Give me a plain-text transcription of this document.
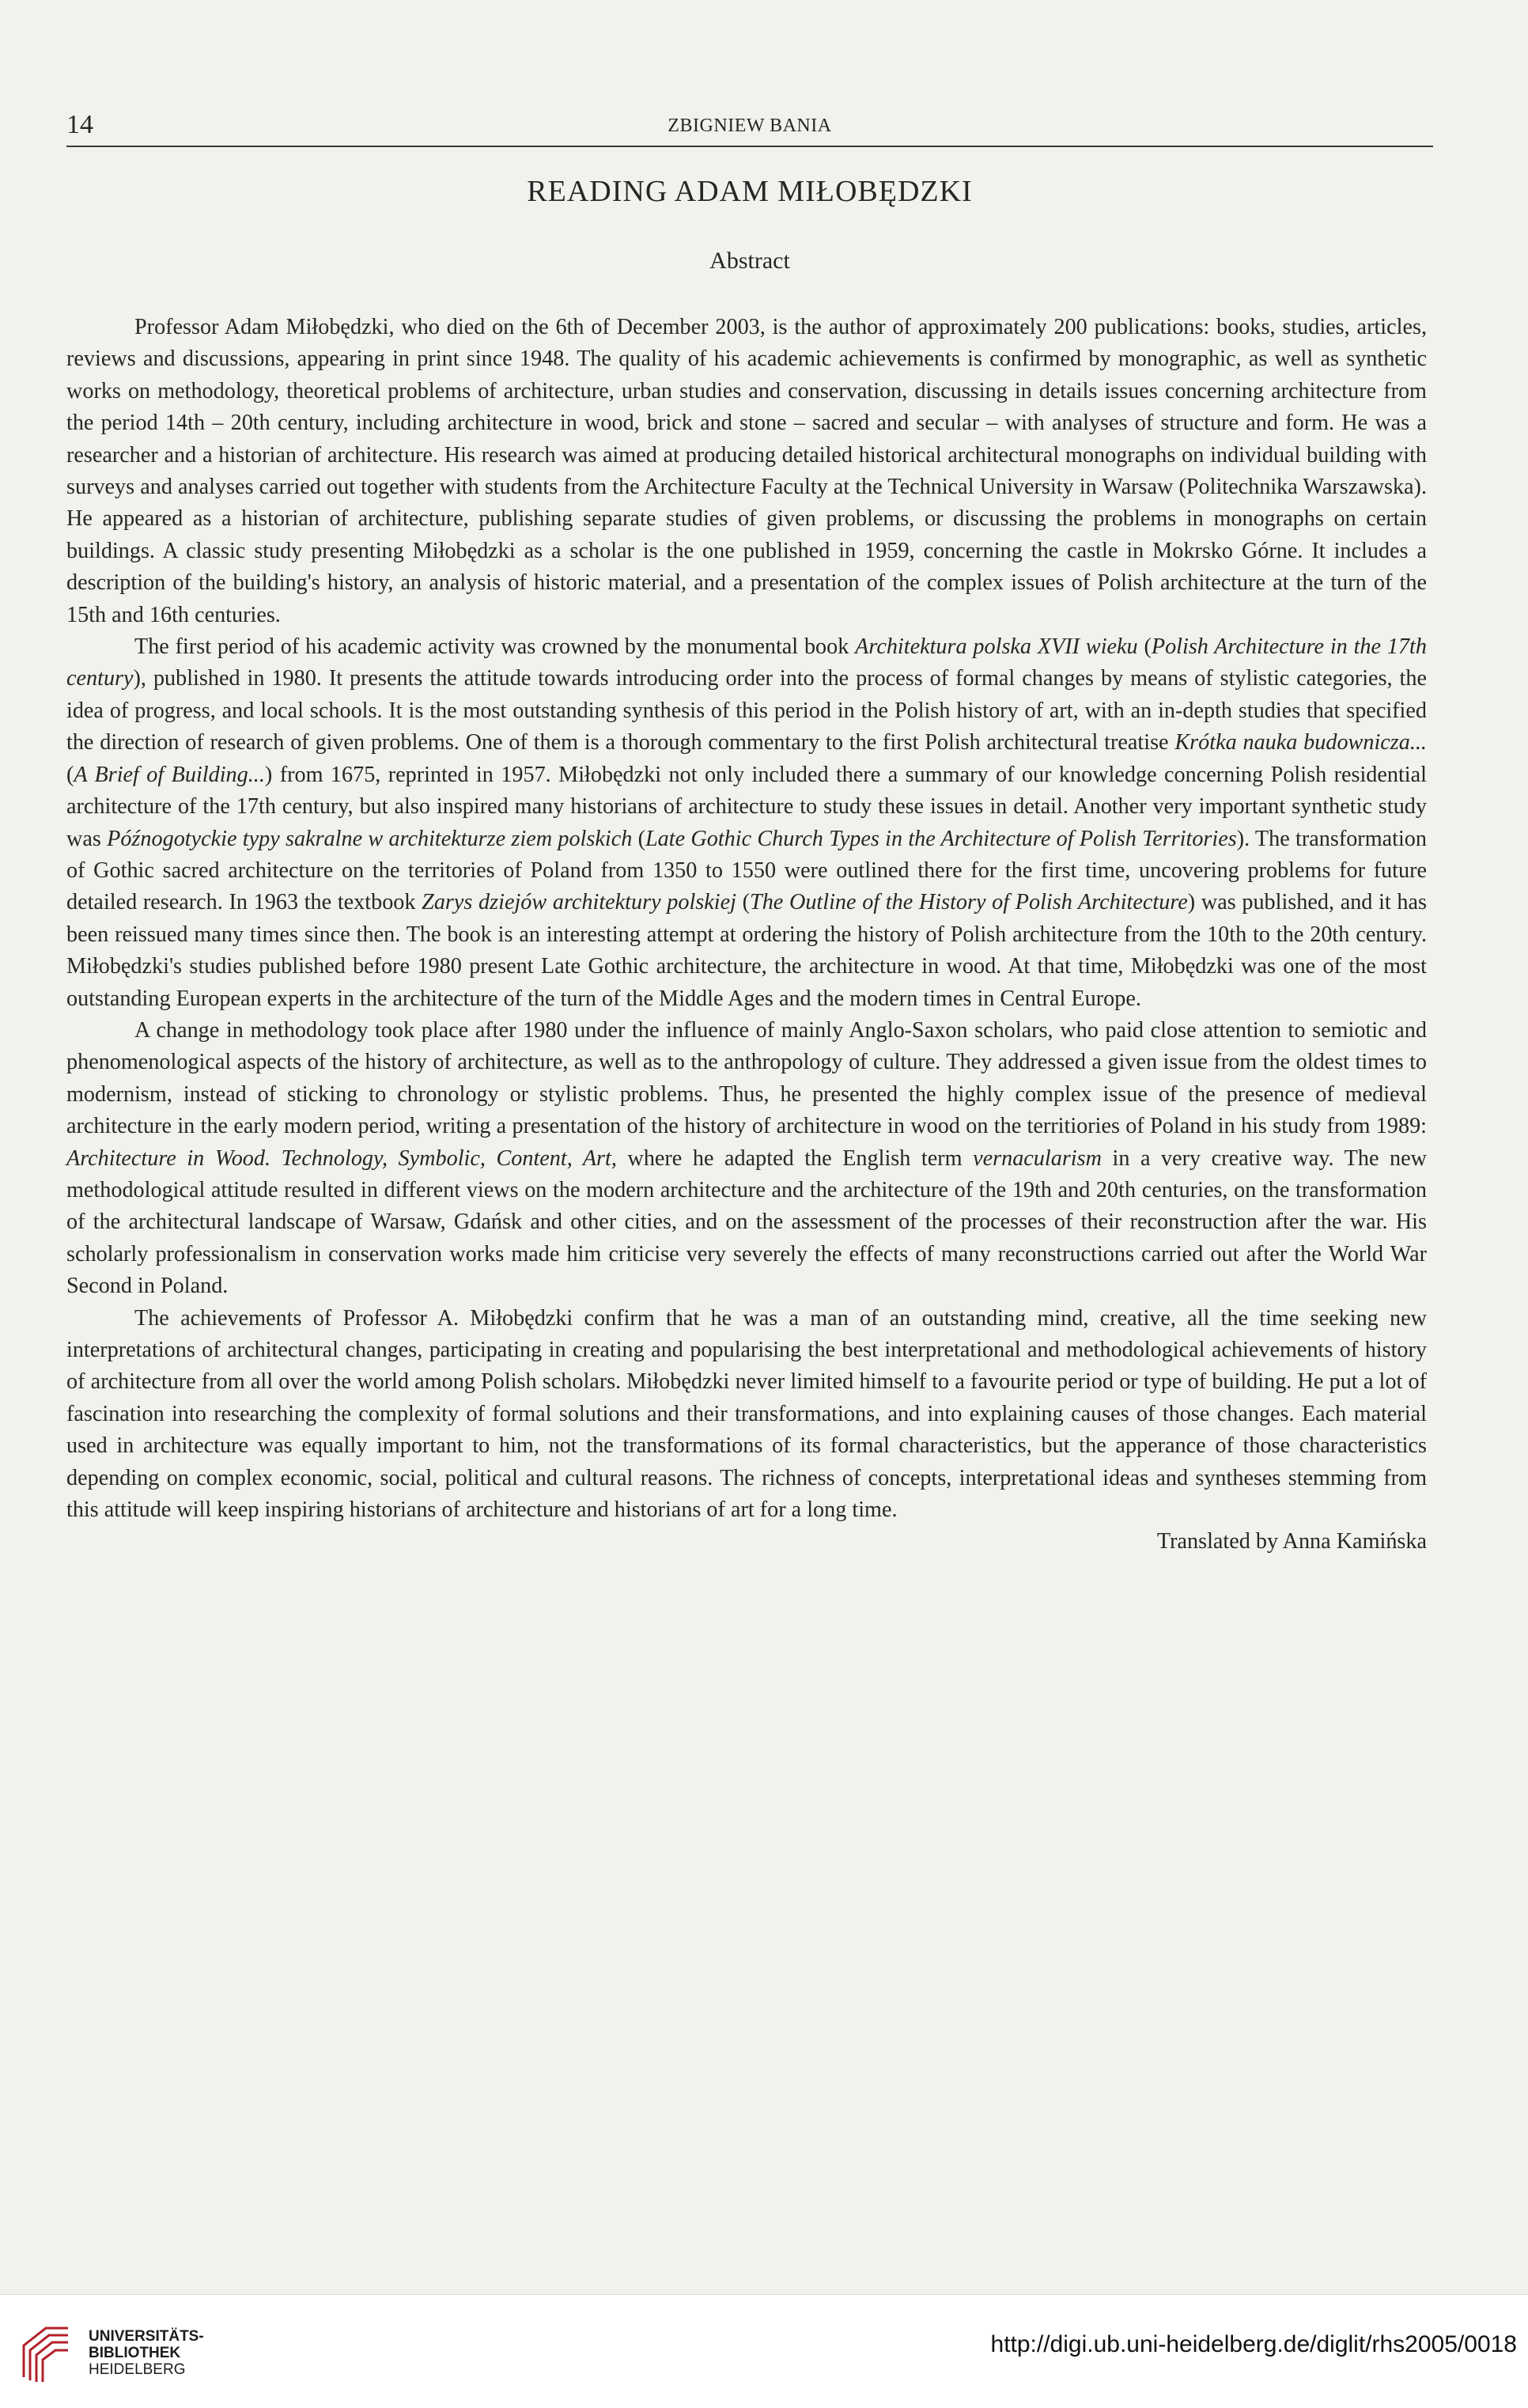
14	ZBIGNIEW BANIA
READING ADAM MIŁOBĘDZKI
Abstract

Professor Adam Miłobędzki, who died on the 6th of December 2003, is the author of approximately 200 publications: books, studies, articles, reviews and discussions, appearing in print since 1948. The quality of his academic achievements is confirmed by monographic, as well as synthetic works on methodology, theoretical problems of architecture, urban studies and conservation, discussing in details issues concerning architecture from the period 14th – 20th century, including architecture in wood, brick and stone – sacred and secular – with analyses of structure and form. He was a researcher and a historian of architecture. His research was aimed at producing detailed historical architectural monographs on individual building with surveys and analyses carried out together with students from the Architecture Faculty at the Technical University in Warsaw (Politechnika Warszawska). He appeared as a historian of architecture, publishing separate studies of given problems, or discussing the problems in monographs on certain buildings. A classic study presenting Miłobędzki as a scholar is the one published in 1959, concerning the castle in Mokrsko Górne. It includes a description of the building's history, an analysis of historic material, and a presentation of the complex issues of Polish architecture at the turn of the 15th and 16th centuries.

The first period of his academic activity was crowned by the monumental book Architektura polska XVII wieku (Polish Architecture in the 17th century), published in 1980. It presents the attitude towards introducing order into the process of formal changes by means of stylistic categories, the idea of progress, and local schools. It is the most outstanding synthesis of this period in the Polish history of art, with an in-depth studies that specified the direction of research of given problems. One of them is a thorough commentary to the first Polish architectural treatise Krótka nauka budownicza... (A Brief of Building...) from 1675, reprinted in 1957. Miłobędzki not only included there a summary of our knowledge concerning Polish residential architecture of the 17th century, but also inspired many historians of architecture to study these issues in detail. Another very important synthetic study was Późnogotyckie typy sakralne w architekturze ziem polskich (Late Gothic Church Types in the Architecture of Polish Territories). The transformation of Gothic sacred architecture on the territories of Poland from 1350 to 1550 were outlined there for the first time, uncovering problems for future detailed research. In 1963 the textbook Zarys dziejów architektury polskiej (The Outline of the History of Polish Architecture) was published, and it has been reissued many times since then. The book is an interesting attempt at ordering the history of Polish architecture from the 10th to the 20th century. Miłobędzki's studies published before 1980 present Late Gothic architecture, the architecture in wood. At that time, Miłobędzki was one of the most outstanding European experts in the architecture of the turn of the Middle Ages and the modern times in Central Europe.

A change in methodology took place after 1980 under the influence of mainly Anglo-Saxon scholars, who paid close attention to semiotic and phenomenological aspects of the history of architecture, as well as to the anthropology of culture. They addressed a given issue from the oldest times to modernism, instead of sticking to chronology or stylistic problems. Thus, he presented the highly complex issue of the presence of medieval architecture in the early modern period, writing a presentation of the history of architecture in wood on the territiories of Poland in his study from 1989: Architecture in Wood. Technology, Symbolic, Content, Art, where he adapted the English term vernacularism in a very creative way. The new methodological attitude resulted in different views on the modern architecture and the architecture of the 19th and 20th centuries, on the transformation of the architectural landscape of Warsaw, Gdańsk and other cities, and on the assessment of the processes of their reconstruction after the war. His scholarly professionalism in conservation works made him criticise very severely the effects of many reconstructions carried out after the World War Second in Poland.

The achievements of Professor A. Miłobędzki confirm that he was a man of an outstanding mind, creative, all the time seeking new interpretations of architectural changes, participating in creating and popularising the best interpretational and methodological achievements of history of architecture from all over the world among Polish scholars. Miłobędzki never limited himself to a favourite period or type of building. He put a lot of fascination into researching the complexity of formal solutions and their transformations, and into explaining causes of those changes. Each material used in architecture was equally important to him, not the transformations of its formal characteristics, but the apperance of those characteristics depending on complex economic, social, political and cultural reasons. The richness of concepts, interpretational ideas and syntheses stemming from this attitude will keep inspiring historians of architecture and historians of art for a long time.

Translated by Anna Kamińska

UNIVERSITÄTS-
BIBLIOTHEK
HEIDELBERG
http://digi.ub.uni-heidelberg.de/diglit/rhs2005/0018
